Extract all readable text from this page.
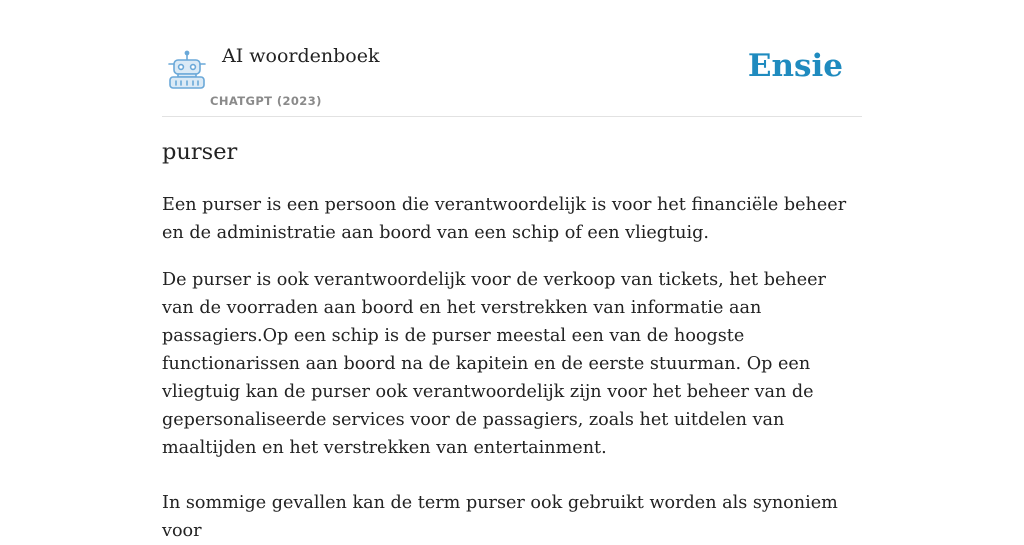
AI woordenboek
CHATGPT (2023)
Ensie
purser

Een purser is een persoon die verantwoordelijk is voor het financiële beheer en de administratie aan boord van een schip of een vliegtuig.

De purser is ook verantwoordelijk voor de verkoop van tickets, het beheer van de voorraden aan boord en het verstrekken van informatie aan passagiers.Op een schip is de purser meestal een van de hoogste functionarissen aan boord na de kapitein en de eerste stuurman. Op een vliegtuig kan de purser ook verantwoordelijk zijn voor het beheer van de gepersonaliseerde services voor de passagiers, zoals het uitdelen van maaltijden en het verstrekken van entertainment.

In sommige gevallen kan de term purser ook gebruikt worden als synoniem voor
